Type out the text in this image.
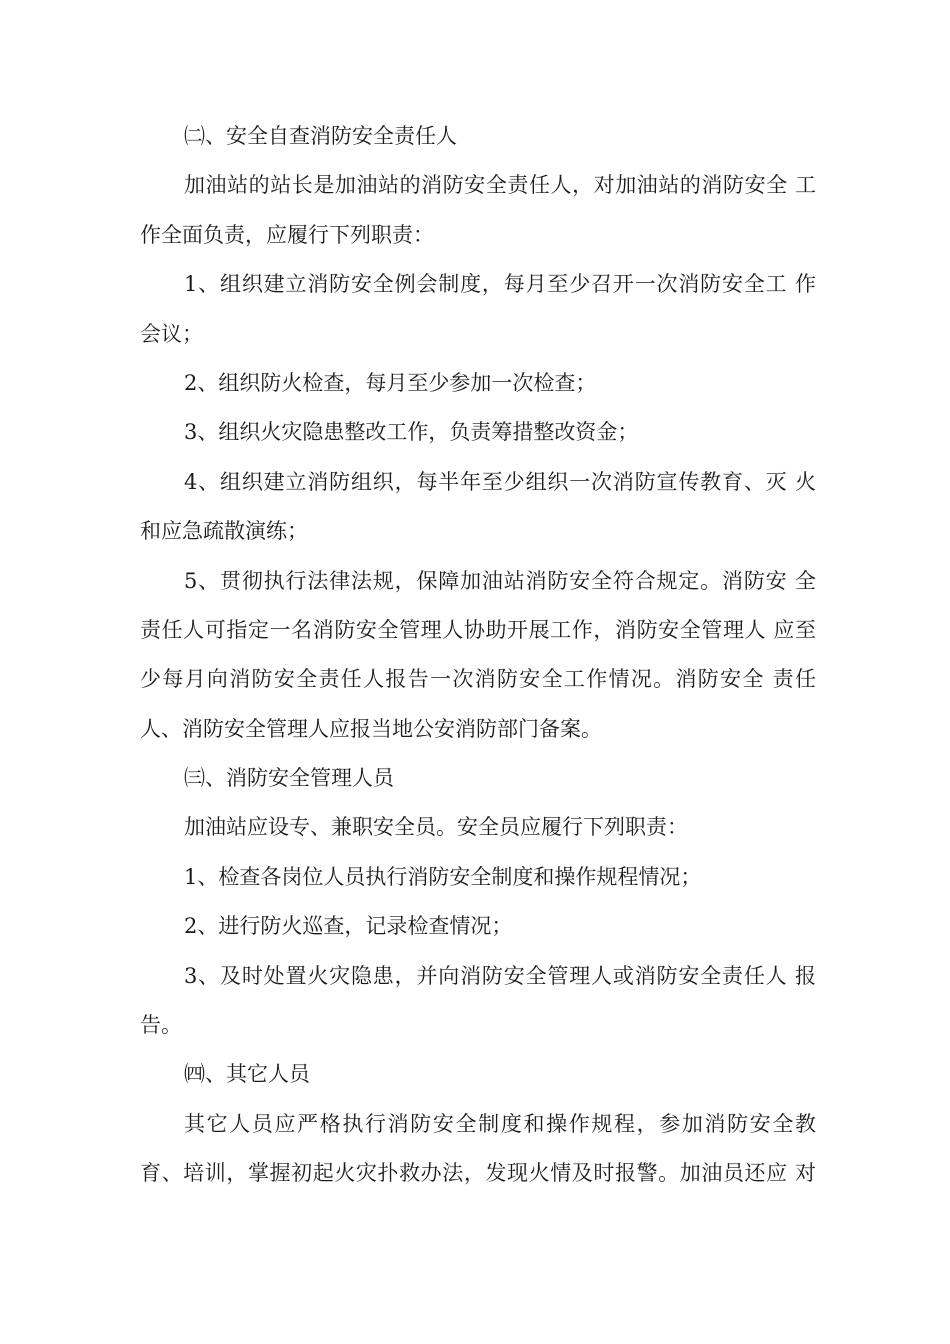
㈡、安全自查消防安全责任人
加油站的站长是加油站的消防安全责任人，对加油站的消防安全 工
作全面负责，应履行下列职责：
1、组织建立消防安全例会制度，每月至少召开一次消防安全工 作
会议；
2、组织防火检查，每月至少参加一次检查；
3、组织火灾隐患整改工作，负责筹措整改资金；
4、组织建立消防组织，每半年至少组织一次消防宣传教育、灭 火
和应急疏散演练；
5、贯彻执行法律法规，保障加油站消防安全符合规定。消防安 全
责任人可指定一名消防安全管理人协助开展工作，消防安全管理人 应至
少每月向消防安全责任人报告一次消防安全工作情况。消防安全 责任
人、消防安全管理人应报当地公安消防部门备案。
㈢、消防安全管理人员
加油站应设专、兼职安全员。安全员应履行下列职责：
1、检查各岗位人员执行消防安全制度和操作规程情况；
2、进行防火巡查，记录检查情况；
3、及时处置火灾隐患，并向消防安全管理人或消防安全责任人 报
告。
㈣、其它人员
其它人员应严格执行消防安全制度和操作规程，参加消防安全教
育、培训，掌握初起火灾扑救办法，发现火情及时报警。加油员还应 对
